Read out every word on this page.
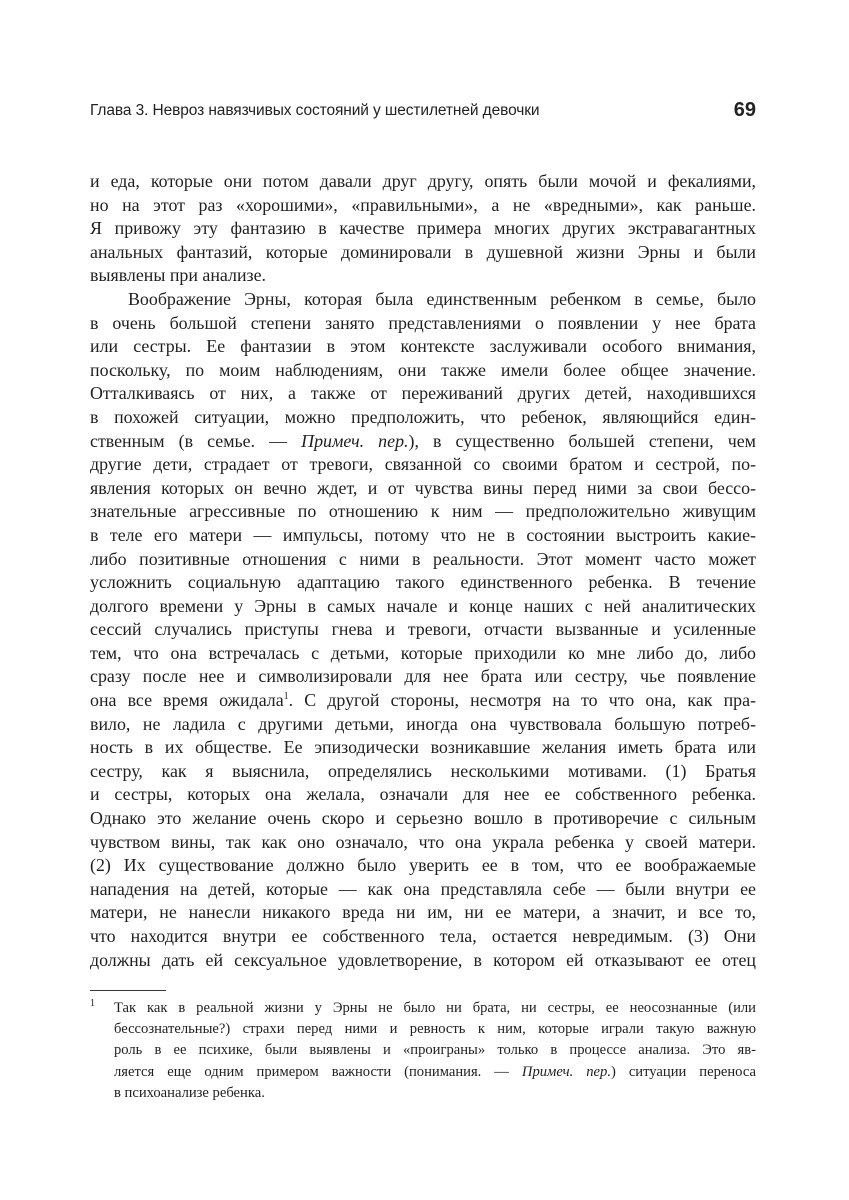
Глава 3. Невроз навязчивых состояний у шестилетней девочки	69
и еда, которые они потом давали друг другу, опять были мочой и фекалиями,
но на этот раз «хорошими», «правильными», а не «вредными», как раньше.
Я привожу эту фантазию в качестве примера многих других экстравагантных
анальных фантазий, которые доминировали в душевной жизни Эрны и были
выявлены при анализе.
Воображение Эрны, которая была единственным ребенком в семье, было
в очень большой степени занято представлениями о появлении у нее брата
или сестры. Ее фантазии в этом контексте заслуживали особого внимания,
поскольку, по моим наблюдениям, они также имели более общее значение.
Отталкиваясь от них, а также от переживаний других детей, находившихся
в похожей ситуации, можно предположить, что ребенок, являющийся един-
ственным (в семье. — Примеч. пер.), в существенно большей степени, чем
другие дети, страдает от тревоги, связанной со своими братом и сестрой, по-
явления которых он вечно ждет, и от чувства вины перед ними за свои бессо-
знательные агрессивные по отношению к ним — предположительно живущим
в теле его матери — импульсы, потому что не в состоянии выстроить какие-
либо позитивные отношения с ними в реальности. Этот момент часто может
усложнить социальную адаптацию такого единственного ребенка. В течение
долгого времени у Эрны в самых начале и конце наших с ней аналитических
сессий случались приступы гнева и тревоги, отчасти вызванные и усиленные
тем, что она встречалась с детьми, которые приходили ко мне либо до, либо
сразу после нее и символизировали для нее брата или сестру, чье появление
она все время ожидала$^1$. С другой стороны, несмотря на то что она, как пра-
вило, не ладила с другими детьми, иногда она чувствовала большую потреб-
ность в их обществе. Ее эпизодически возникавшие желания иметь брата или
сестру, как я выяснила, определялись несколькими мотивами. (1) Братья
и сестры, которых она желала, означали для нее ее собственного ребенка.
Однако это желание очень скоро и серьезно вошло в противоречие с сильным
чувством вины, так как оно означало, что она украла ребенка у своей матери.
(2) Их существование должно было уверить ее в том, что ее воображаемые
нападения на детей, которые — как она представляла себе — были внутри ее
матери, не нанесли никакого вреда ни им, ни ее матери, а значит, и все то,
что находится внутри ее собственного тела, остается невредимым. (3) Они
должны дать ей сексуальное удовлетворение, в котором ей отказывают ее отец
1 Так как в реальной жизни у Эрны не было ни брата, ни сестры, ее неосознанные (или
бессознательные?) страхи перед ними и ревность к ним, которые играли такую важную
роль в ее психике, были выявлены и «проиграны» только в процессе анализа. Это яв-
ляется еще одним примером важности (понимания. — Примеч. пер.) ситуации переноса
в психоанализе ребенка.
